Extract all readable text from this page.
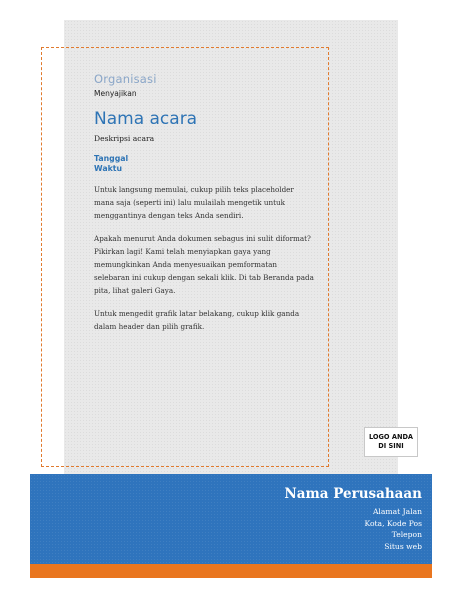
Organisasi
Menyajikan
Nama acara
Deskripsi acara
Tanggal
Waktu
Untuk langsung memulai, cukup pilih teks placeholder mana saja (seperti ini) lalu mulailah mengetik untuk menggantinya dengan teks Anda sendiri.
Apakah menurut Anda dokumen sebagus ini sulit diformat? Pikirkan lagi! Kami telah menyiapkan gaya yang memungkinkan Anda menyesuaikan pemformatan selebaran ini cukup dengan sekali klik. Di tab Beranda pada pita, lihat galeri Gaya.
Untuk mengedit grafik latar belakang, cukup klik ganda dalam header dan pilih grafik.
LOGO ANDA
DI SINI
Nama Perusahaan
Alamat Jalan
Kota, Kode Pos
Telepon
Situs web
